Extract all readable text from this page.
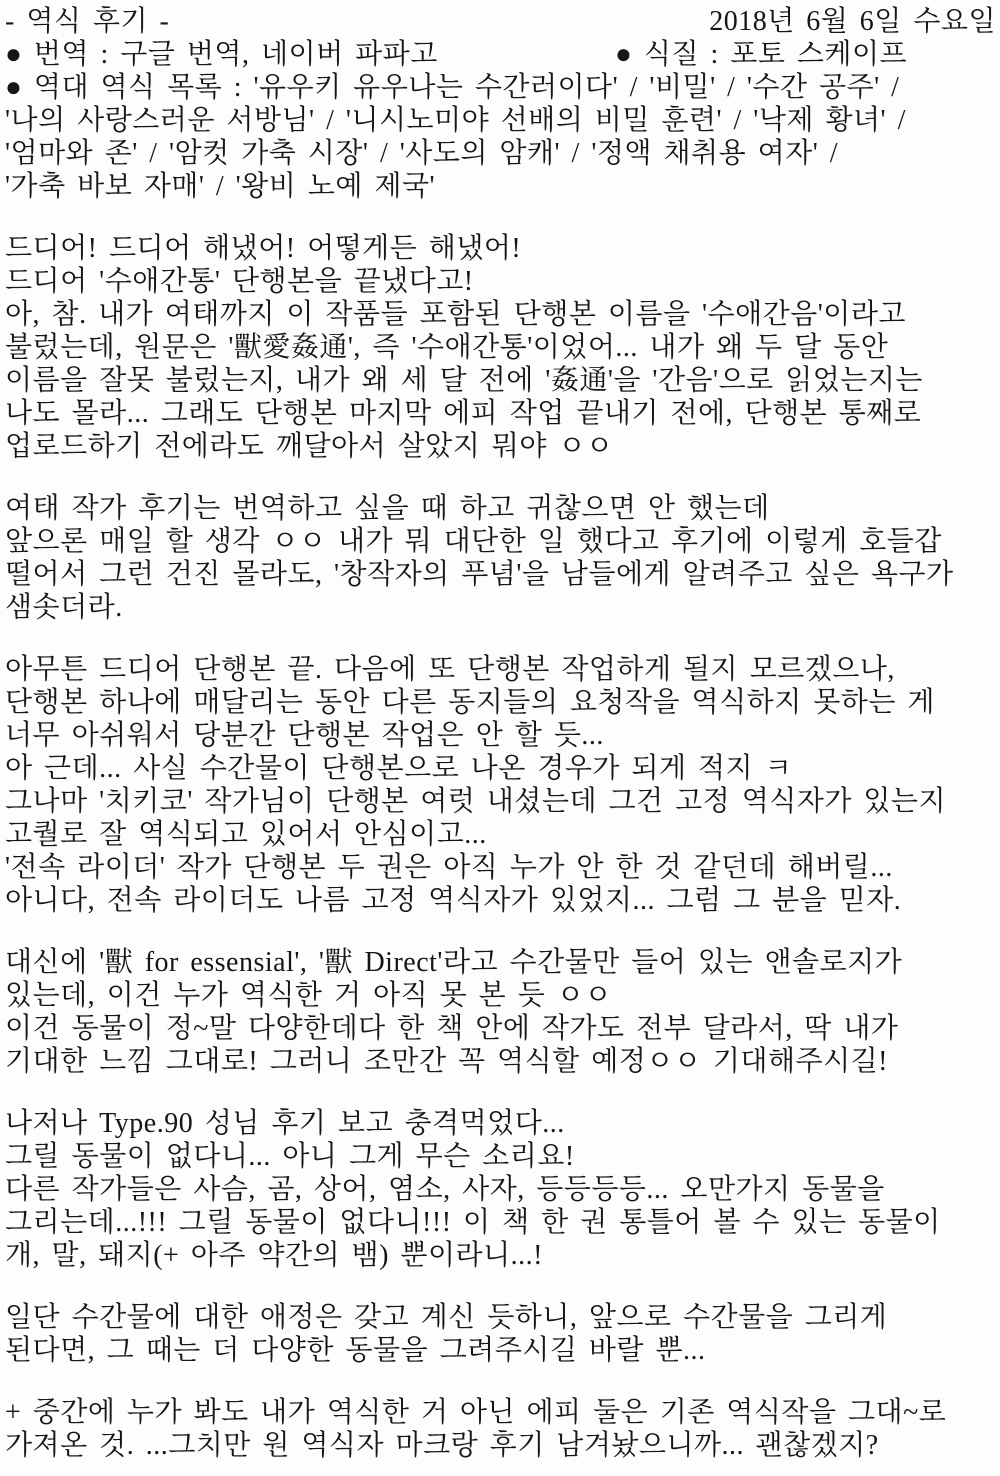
- 역식 후기 -	2018년 6월 6일 수요일
● 번역 : 구글 번역, 네이버 파파고	● 식질 : 포토 스케이프
● 역대 역식 목록 : '유우키 유우나는 수간러이다' / '비밀' / '수간 공주' /
'나의 사랑스러운 서방님' / '니시노미야 선배의 비밀 훈련' / '낙제 황녀' /
'엄마와 존' / '암컷 가축 시장' / '사도의 암캐' / '정액 채취용 여자' /
'가축 바보 자매' / '왕비 노예 제국'
드디어! 드디어 해냈어! 어떻게든 해냈어!
드디어 '수애간통' 단행본을 끝냈다고!
아, 참. 내가 여태까지 이 작품들 포함된 단행본 이름을 '수애간음'이라고
불렀는데, 원문은 '獸愛姦通', 즉 '수애간통'이었어... 내가 왜 두 달 동안
이름을 잘못 불렀는지, 내가 왜 세 달 전에 '姦通'을 '간음'으로 읽었는지는
나도 몰라... 그래도 단행본 마지막 에피 작업 끝내기 전에, 단행본 통째로
업로드하기 전에라도 깨달아서 살았지 뭐야 ㅇㅇ
여태 작가 후기는 번역하고 싶을 때 하고 귀찮으면 안 했는데
앞으론 매일 할 생각 ㅇㅇ 내가 뭐 대단한 일 했다고 후기에 이렇게 호들갑
떨어서 그런 건진 몰라도, '창작자의 푸념'을 남들에게 알려주고 싶은 욕구가
샘솟더라.
아무튼 드디어 단행본 끝. 다음에 또 단행본 작업하게 될지 모르겠으나,
단행본 하나에 매달리는 동안 다른 동지들의 요청작을 역식하지 못하는 게
너무 아쉬워서 당분간 단행본 작업은 안 할 듯...
아 근데... 사실 수간물이 단행본으로 나온 경우가 되게 적지 ㅋ
그나마 '치키코' 작가님이 단행본 여럿 내셨는데 그건 고정 역식자가 있는지
고퀄로 잘 역식되고 있어서 안심이고...
'전속 라이더' 작가 단행본 두 권은 아직 누가 안 한 것 같던데 해버릴...
아니다, 전속 라이더도 나름 고정 역식자가 있었지... 그럼 그 분을 믿자.
대신에 '獸 for essensial', '獸 Direct'라고 수간물만 들어 있는 앤솔로지가
있는데, 이건 누가 역식한 거 아직 못 본 듯 ㅇㅇ
이건 동물이 정~말 다양한데다 한 책 안에 작가도 전부 달라서, 딱 내가
기대한 느낌 그대로! 그러니 조만간 꼭 역식할 예정ㅇㅇ 기대해주시길!
나저나 Type.90 성님 후기 보고 충격먹었다...
그릴 동물이 없다니... 아니 그게 무슨 소리요!
다른 작가들은 사슴, 곰, 상어, 염소, 사자, 등등등등... 오만가지 동물을
그리는데...!!! 그릴 동물이 없다니!!! 이 책 한 권 통틀어 볼 수 있는 동물이
개, 말, 돼지(+ 아주 약간의 뱀) 뿐이라니...!
일단 수간물에 대한 애정은 갖고 계신 듯하니, 앞으로 수간물을 그리게
된다면, 그 때는 더 다양한 동물을 그려주시길 바랄 뿐...
+ 중간에 누가 봐도 내가 역식한 거 아닌 에피 둘은 기존 역식작을 그대~로
가져온 것. ...그치만 원 역식자 마크랑 후기 남겨놨으니까... 괜찮겠지?
